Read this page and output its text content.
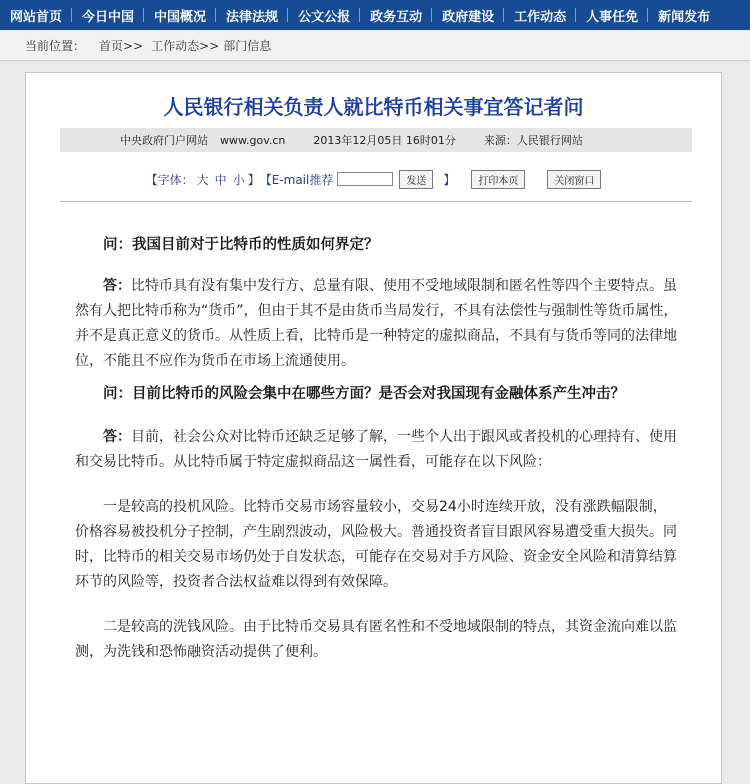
网站首页	今日中国	中国概况	法律法规	公文公报	政务互动	政府建设	工作动态	人事任免	新闻发布
当前位置： 首页>> 工作动态>> 部门信息
人民银行相关负责人就比特币相关事宜答记者问
中央政府门户网站 www.gov.cn	2013年12月05日 16时01分	来源：人民银行网站
【字体： 大 中 小 】 【E-mail推荐	发送	】	打印本页	关闭窗口

问：我国目前对于比特币的性质如何界定？

答：比特币具有没有集中发行方、总量有限、使用不受地域限制和匿名性等四个主要特点。虽然有人把比特币称为“货币”，但由于其不是由货币当局发行，不具有法偿性与强制性等货币属性，并不是真正意义的货币。从性质上看，比特币是一种特定的虚拟商品，不具有与货币等同的法律地位，不能且不应作为货币在市场上流通使用。

问：目前比特币的风险会集中在哪些方面？是否会对我国现有金融体系产生冲击？

答：目前，社会公众对比特币还缺乏足够了解，一些个人出于跟风或者投机的心理持有、使用和交易比特币。从比特币属于特定虚拟商品这一属性看，可能存在以下风险：

一是较高的投机风险。比特币交易市场容量较小，交易24小时连续开放，没有涨跌幅限制，价格容易被投机分子控制，产生剧烈波动，风险极大。普通投资者盲目跟风容易遭受重大损失。同时，比特币的相关交易市场仍处于自发状态，可能存在交易对手方风险、资金安全风险和清算结算环节的风险等，投资者合法权益难以得到有效保障。

二是较高的洗钱风险。由于比特币交易具有匿名性和不受地域限制的特点，其资金流向难以监测，为洗钱和恐怖融资活动提供了便利。
